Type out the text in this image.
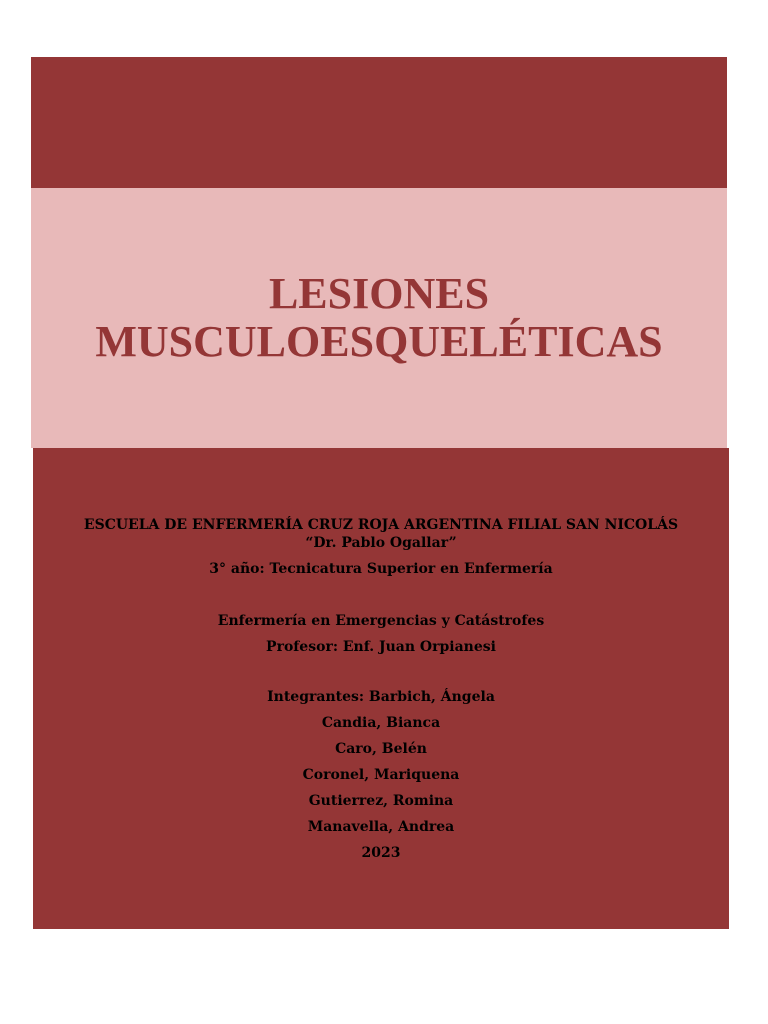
LESIONES
MUSCULOESQUELÉTICAS
ESCUELA DE ENFERMERÍA CRUZ ROJA ARGENTINA FILIAL SAN NICOLÁS “Dr. Pablo Ogallar”
3° año: Tecnicatura Superior en Enfermería
Enfermería en Emergencias y Catástrofes
Profesor: Enf. Juan Orpianesi
Integrantes: Barbich, Ángela
Candia, Bianca
Caro, Belén
Coronel, Mariquena
Gutierrez, Romina
Manavella, Andrea
2023
